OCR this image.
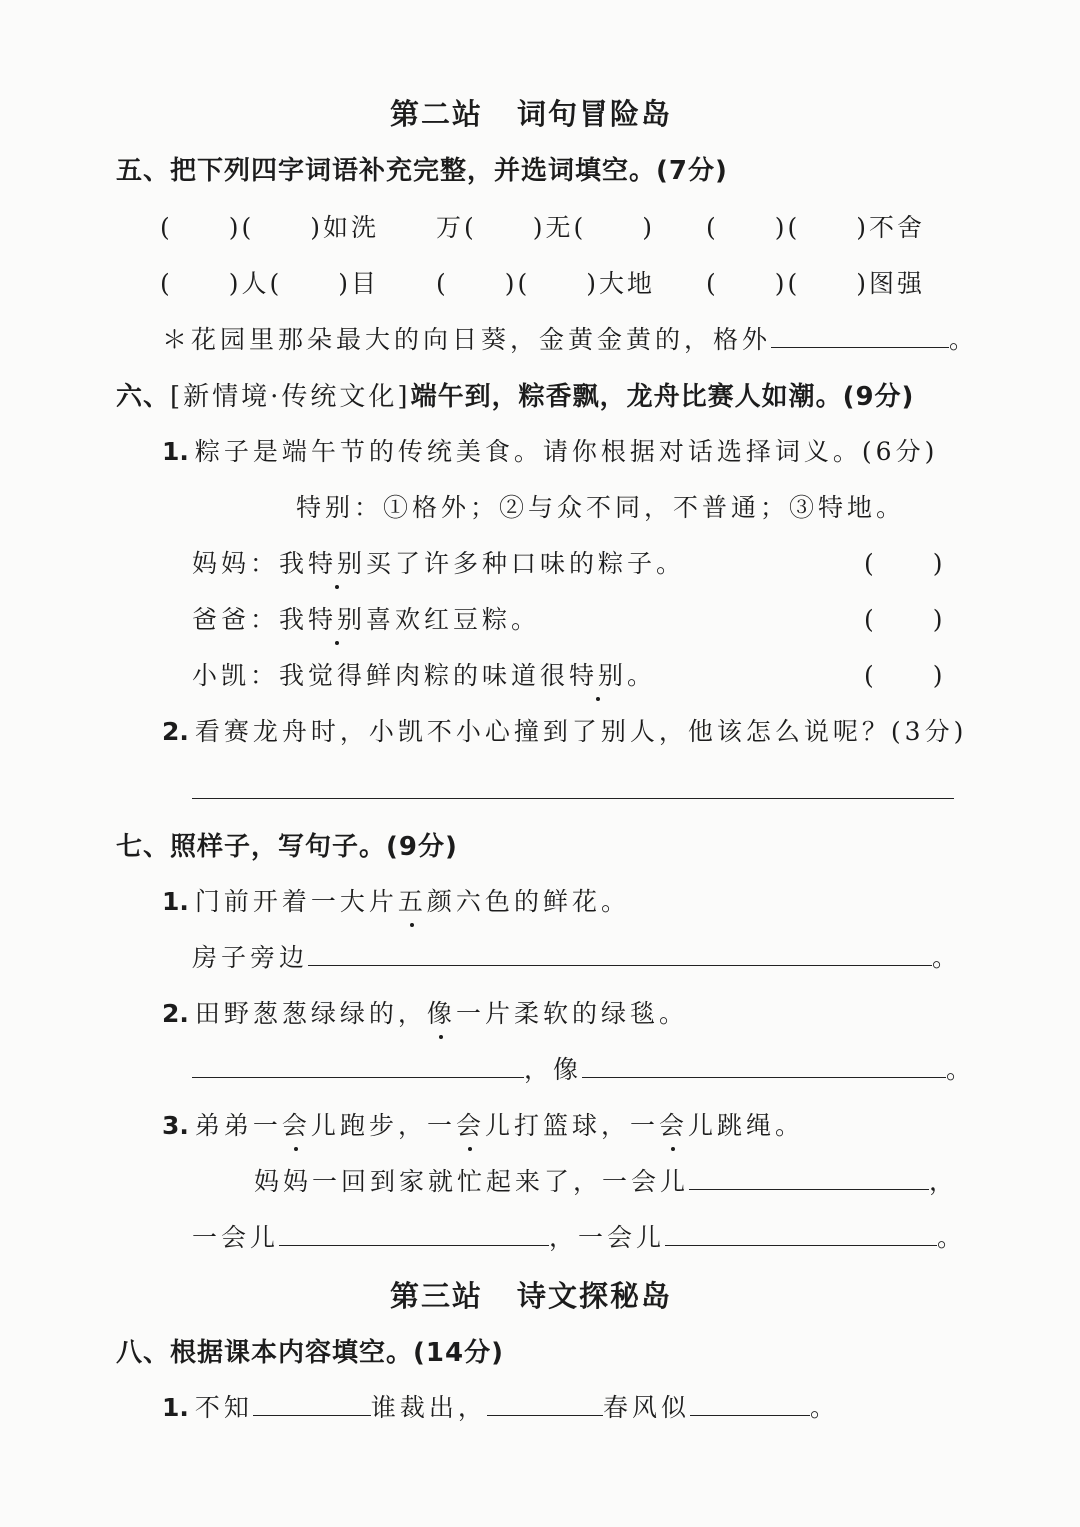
第二站 词句冒险岛
五、把下列四字词语补充完整，并选词填空。(7分)
(　　)(　　)如洗 万(　　)无(　　) (　　)(　　)不舍
(　　)人(　　)目 (　　)(　　)大地 (　　)(　　)图强
＊花园里那朵最大的向日葵，金黄金黄的，格外	。
六、[新情境·传统文化]端午到，粽香飘，龙舟比赛人如潮。(9分)
1. 粽子是端午节的传统美食。请你根据对话选择词义。(6分)
特别：①格外；②与众不同，不普通；③特地。
妈妈：我特别买了许多种口味的粽子。	(　　)
爸爸：我特别喜欢红豆粽。	(　　)
小凯：我觉得鲜肉粽的味道很特别。	(　　)
2. 看赛龙舟时，小凯不小心撞到了别人，他该怎么说呢？(3分)
七、照样子，写句子。(9分)
1. 门前开着一大片五颜六色的鲜花。
房子旁边	。
2. 田野葱葱绿绿的，像一片柔软的绿毯。
，像	。
3. 弟弟一会儿跑步，一会儿打篮球，一会儿跳绳。
妈妈一回到家就忙起来了，一会儿	，
一会儿	，一会儿	。
第三站 诗文探秘岛
八、根据课本内容填空。(14分)
1. 不知	谁裁出，	春风似	。
